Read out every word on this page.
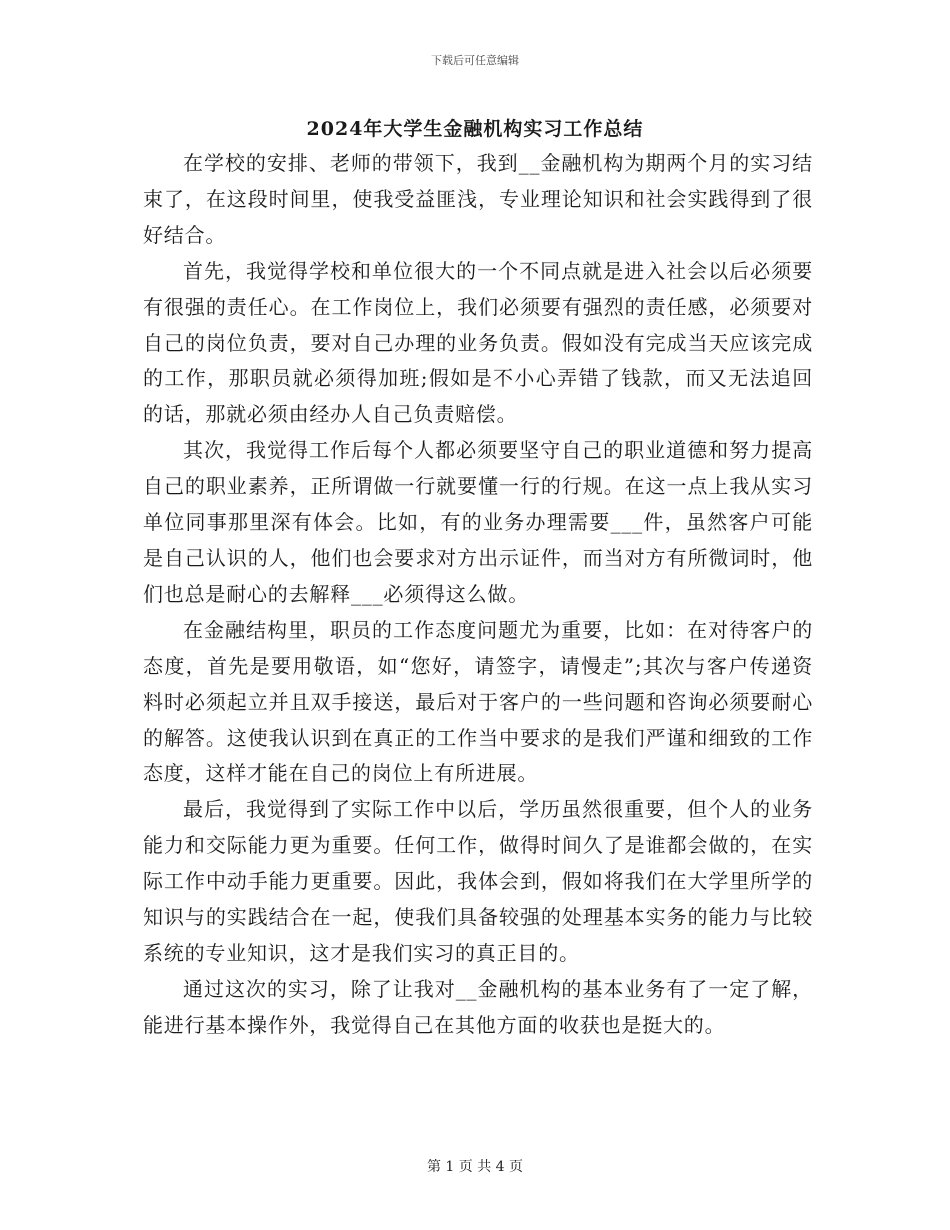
下载后可任意编辑
2024年大学生金融机构实习工作总结

在学校的安排、老师的带领下，我到__金融机构为期两个月的实习结束了，在这段时间里，使我受益匪浅，专业理论知识和社会实践得到了很好结合。

首先，我觉得学校和单位很大的一个不同点就是进入社会以后必须要有很强的责任心。在工作岗位上，我们必须要有强烈的责任感，必须要对自己的岗位负责，要对自己办理的业务负责。假如没有完成当天应该完成的工作，那职员就必须得加班;假如是不小心弄错了钱款，而又无法追回的话，那就必须由经办人自己负责赔偿。

其次，我觉得工作后每个人都必须要坚守自己的职业道德和努力提高自己的职业素养，正所谓做一行就要懂一行的行规。在这一点上我从实习单位同事那里深有体会。比如，有的业务办理需要___件，虽然客户可能是自己认识的人，他们也会要求对方出示证件，而当对方有所微词时，他们也总是耐心的去解释___必须得这么做。

在金融结构里，职员的工作态度问题尤为重要，比如：在对待客户的态度，首先是要用敬语，如“您好，请签字，请慢走”;其次与客户传递资料时必须起立并且双手接送，最后对于客户的一些问题和咨询必须要耐心的解答。这使我认识到在真正的工作当中要求的是我们严谨和细致的工作态度，这样才能在自己的岗位上有所进展。

最后，我觉得到了实际工作中以后，学历虽然很重要，但个人的业务能力和交际能力更为重要。任何工作，做得时间久了是谁都会做的，在实际工作中动手能力更重要。因此，我体会到，假如将我们在大学里所学的知识与的实践结合在一起，使我们具备较强的处理基本实务的能力与比较系统的专业知识，这才是我们实习的真正目的。

通过这次的实习，除了让我对__金融机构的基本业务有了一定了解，能进行基本操作外，我觉得自己在其他方面的收获也是挺大的。

第 1 页 共 4 页
